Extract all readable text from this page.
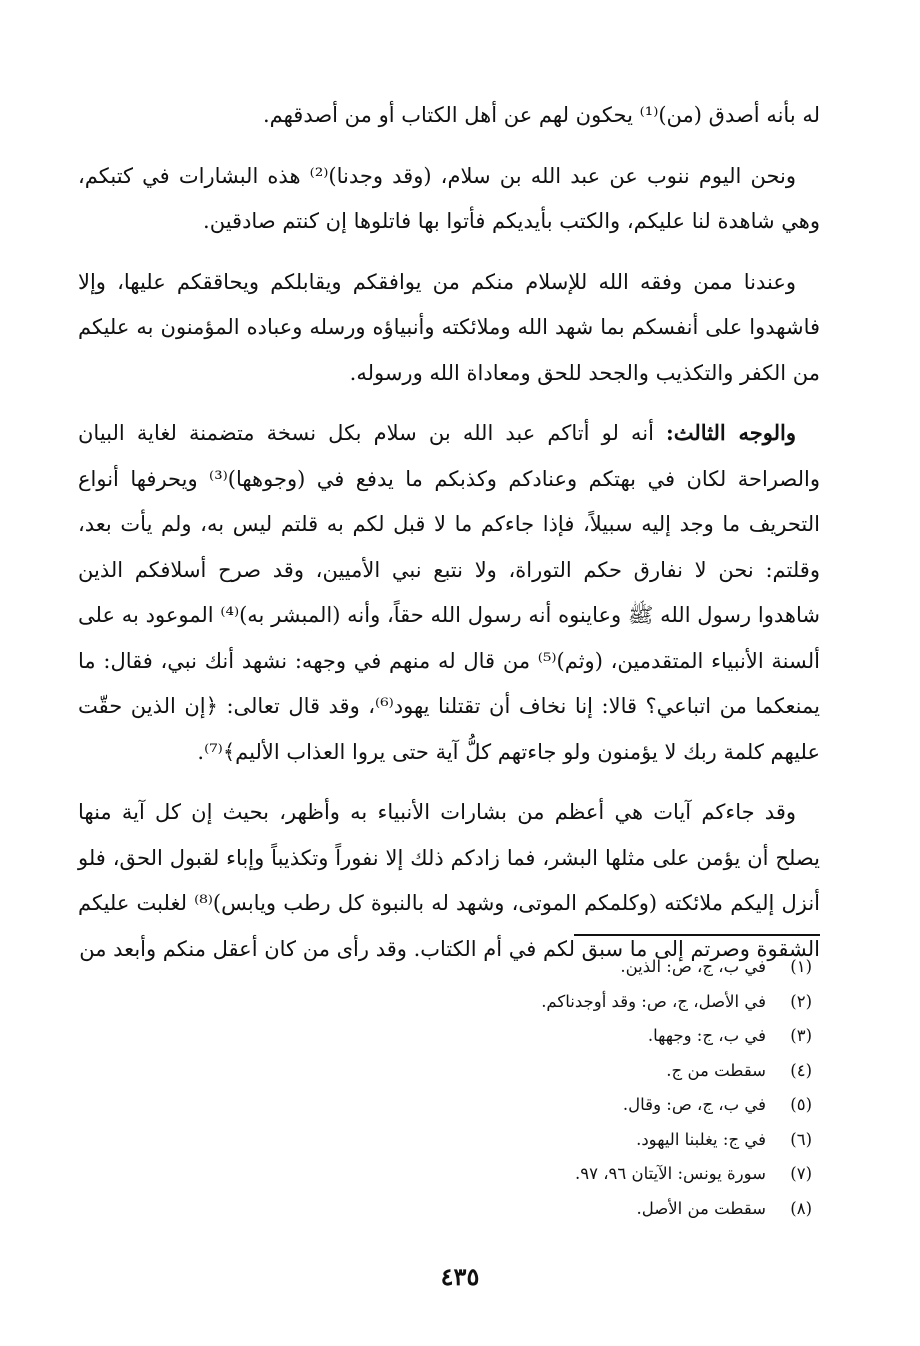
له بأنه أصدق (من)⁽¹⁾ يحكون لهم عن أهل الكتاب أو من أصدقهم.

ونحن اليوم ننوب عن عبد الله بن سلام، (وقد وجدنا)⁽²⁾ هذه البشارات في كتبكم، وهي شاهدة لنا عليكم، والكتب بأيديكم فأتوا بها فاتلوها إن كنتم صادقين.

وعندنا ممن وفقه الله للإسلام منكم من يوافقكم ويقابلكم ويحاققكم عليها، وإلا فاشهدوا على أنفسكم بما شهد الله وملائكته وأنبياؤه ورسله وعباده المؤمنون به عليكم من الكفر والتكذيب والجحد للحق ومعاداة الله ورسوله.

والوجه الثالث: أنه لو أتاكم عبد الله بن سلام بكل نسخة متضمنة لغاية البيان والصراحة لكان في بهتكم وعنادكم وكذبكم ما يدفع في (وجوهها)⁽³⁾ ويحرفها أنواع التحريف ما وجد إليه سبيلاً، فإذا جاءكم ما لا قبل لكم به قلتم ليس به، ولم يأت بعد، وقلتم: نحن لا نفارق حكم التوراة، ولا نتبع نبي الأميين، وقد صرح أسلافكم الذين شاهدوا رسول الله ﷺ وعاينوه أنه رسول الله حقاً، وأنه (المبشر به)⁽⁴⁾ الموعود به على ألسنة الأنبياء المتقدمين، (وثم)⁽⁵⁾ من قال له منهم في وجهه: نشهد أنك نبي، فقال: ما يمنعكما من اتباعي؟ قالا: إنا نخاف أن تقتلنا يهود⁽⁶⁾، وقد قال تعالى: ﴿إن الذين حقّت عليهم كلمة ربك لا يؤمنون ولو جاءتهم كلُّ آية حتى يروا العذاب الأليم﴾⁽⁷⁾.

وقد جاءكم آيات هي أعظم من بشارات الأنبياء به وأظهر، بحيث إن كل آية منها يصلح أن يؤمن على مثلها البشر، فما زادكم ذلك إلا نفوراً وتكذيباً وإباء لقبول الحق، فلو أنزل إليكم ملائكته (وكلمكم الموتى، وشهد له بالنبوة كل رطب ويابس)⁽⁸⁾ لغلبت عليكم الشقوة وصرتم إلى ما سبق لكم في أم الكتاب. وقد رأى من كان أعقل منكم وأبعد من

(١)
في ب، ج، ص: الذين.
(٢)
في الأصل، ج، ص: وقد أوجدناكم.
(٣)
في ب، ج: وجهها.
(٤)
سقطت من ج.
(٥)
في ب، ج، ص: وقال.
(٦)
في ج: يغلبنا اليهود.
(٧)
سورة يونس: الآيتان ٩٦، ٩٧.
(٨)
سقطت من الأصل.
٤٣٥
